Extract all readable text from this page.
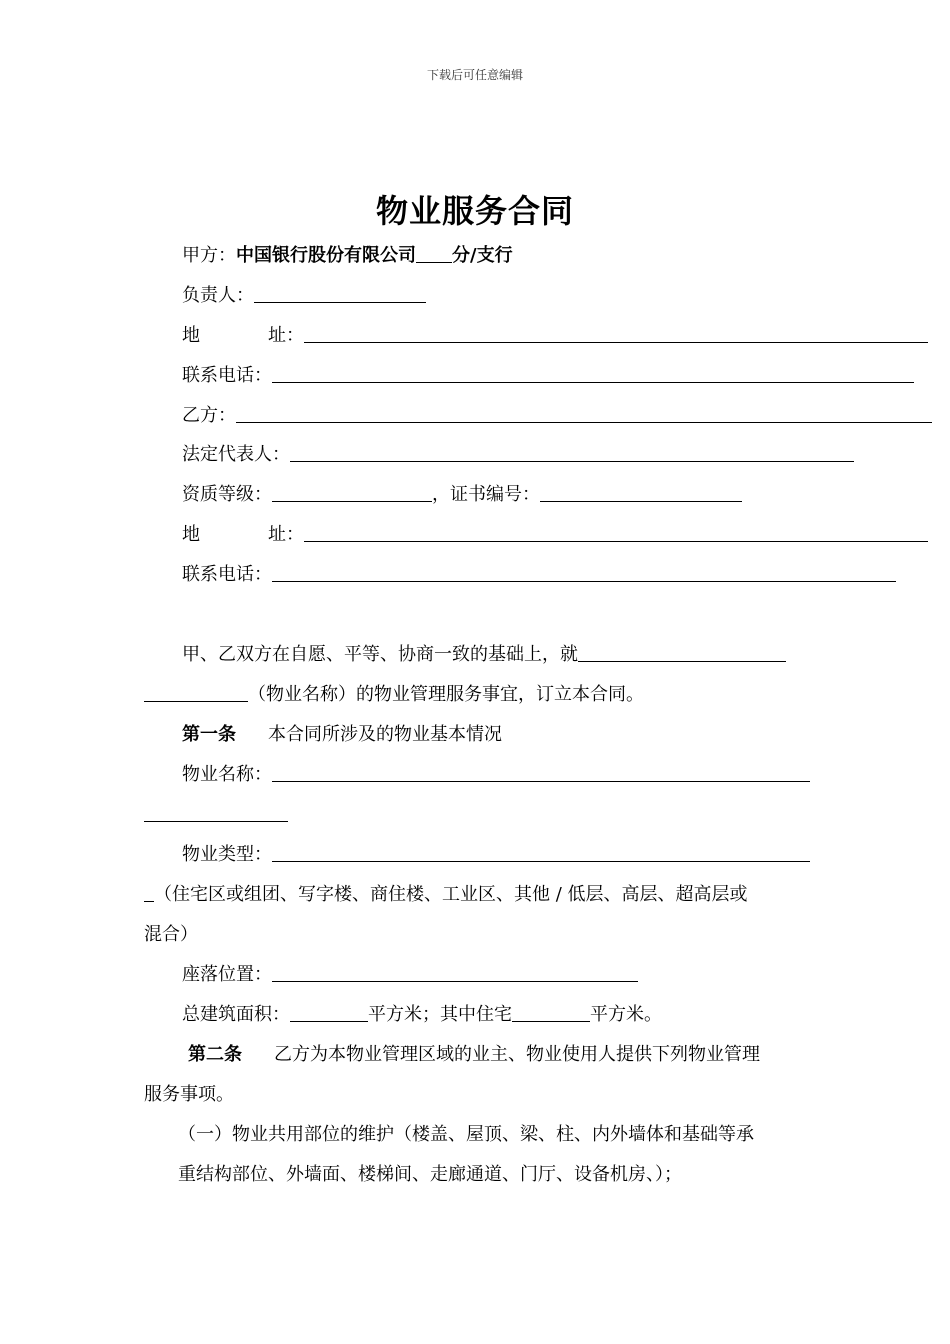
下载后可任意编辑
物业服务合同
甲方：中国银行股份有限公司 分/支行
负责人：
地	址：
联系电话：
乙方：
法定代表人：
资质等级：	，证书编号：
地	址：
联系电话：
甲、乙双方在自愿、平等、协商一致的基础上，就
（物业名称）的物业管理服务事宜，订立本合同。
第一条 本合同所涉及的物业基本情况
物业名称：
物业类型：
（住宅区或组团、写字楼、商住楼、工业区、其他 / 低层、高层、超高层或
混合）
座落位置：
总建筑面积：	平方米；其中住宅	平方米。
第二条 乙方为本物业管理区域的业主、物业使用人提供下列物业管理
服务事项。
（一）物业共用部位的维护（楼盖、屋顶、梁、柱、内外墙体和基础等承
重结构部位、外墙面、楼梯间、走廊通道、门厅、设备机房、）；
